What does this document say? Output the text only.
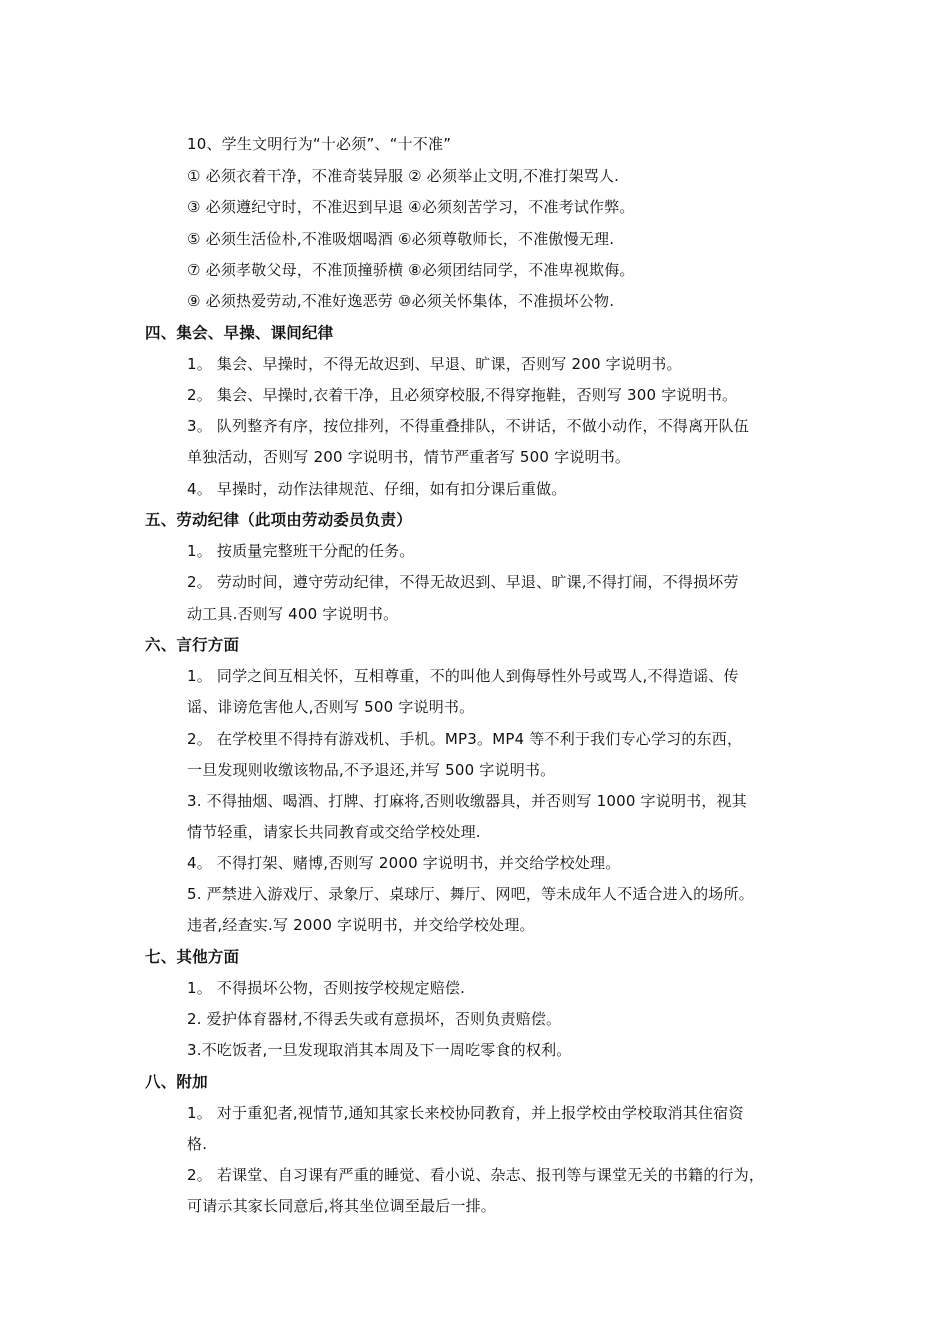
10、学生文明行为“十必须”、“十不准”
① 必须衣着干净，不准奇装异服 ② 必须举止文明,不准打架骂人.
③ 必须遵纪守时，不准迟到早退 ④必须刻苦学习，不准考试作弊。
⑤ 必须生活俭朴,不准吸烟喝酒 ⑥必须尊敬师长，不准傲慢无理.
⑦ 必须孝敬父母，不准顶撞骄横 ⑧必须团结同学，不准卑视欺侮。
⑨ 必须热爱劳动,不准好逸恶劳 ⑩必须关怀集体，不准损坏公物.
四、集会、早操、课间纪律
1。 集会、早操时，不得无故迟到、早退、旷课，否则写 200 字说明书。
2。 集会、早操时,衣着干净，且必须穿校服,不得穿拖鞋，否则写 300 字说明书。
3。 队列整齐有序，按位排列，不得重叠排队，不讲话，不做小动作，不得离开队伍
单独活动，否则写 200 字说明书，情节严重者写 500 字说明书。
4。 早操时，动作法律规范、仔细，如有扣分课后重做。
五、劳动纪律（此项由劳动委员负责）
1。 按质量完整班干分配的任务。
2。 劳动时间，遵守劳动纪律，不得无故迟到、早退、旷课,不得打闹，不得损坏劳
动工具.否则写 400 字说明书。
六、言行方面
1。 同学之间互相关怀，互相尊重，不的叫他人到侮辱性外号或骂人,不得造谣、传
谣、诽谤危害他人,否则写 500 字说明书。
2。 在学校里不得持有游戏机、手机。MP3。MP4 等不利于我们专心学习的东西，
一旦发现则收缴该物品,不予退还,并写 500 字说明书。
3. 不得抽烟、喝酒、打牌、打麻将,否则收缴器具，并否则写 1000 字说明书，视其
情节轻重，请家长共同教育或交给学校处理.
4。 不得打架、赌博,否则写 2000 字说明书，并交给学校处理。
5. 严禁进入游戏厅、录象厅、桌球厅、舞厅、网吧，等未成年人不适合进入的场所。
违者,经查实.写 2000 字说明书，并交给学校处理。
七、其他方面
1。 不得损坏公物，否则按学校规定赔偿.
2. 爱护体育器材,不得丢失或有意损坏，否则负责赔偿。
3.不吃饭者,一旦发现取消其本周及下一周吃零食的权利。
八、附加
1。 对于重犯者,视情节,通知其家长来校协同教育，并上报学校由学校取消其住宿资
格.
2。 若课堂、自习课有严重的睡觉、看小说、杂志、报刊等与课堂无关的书籍的行为，
可请示其家长同意后,将其坐位调至最后一排。
